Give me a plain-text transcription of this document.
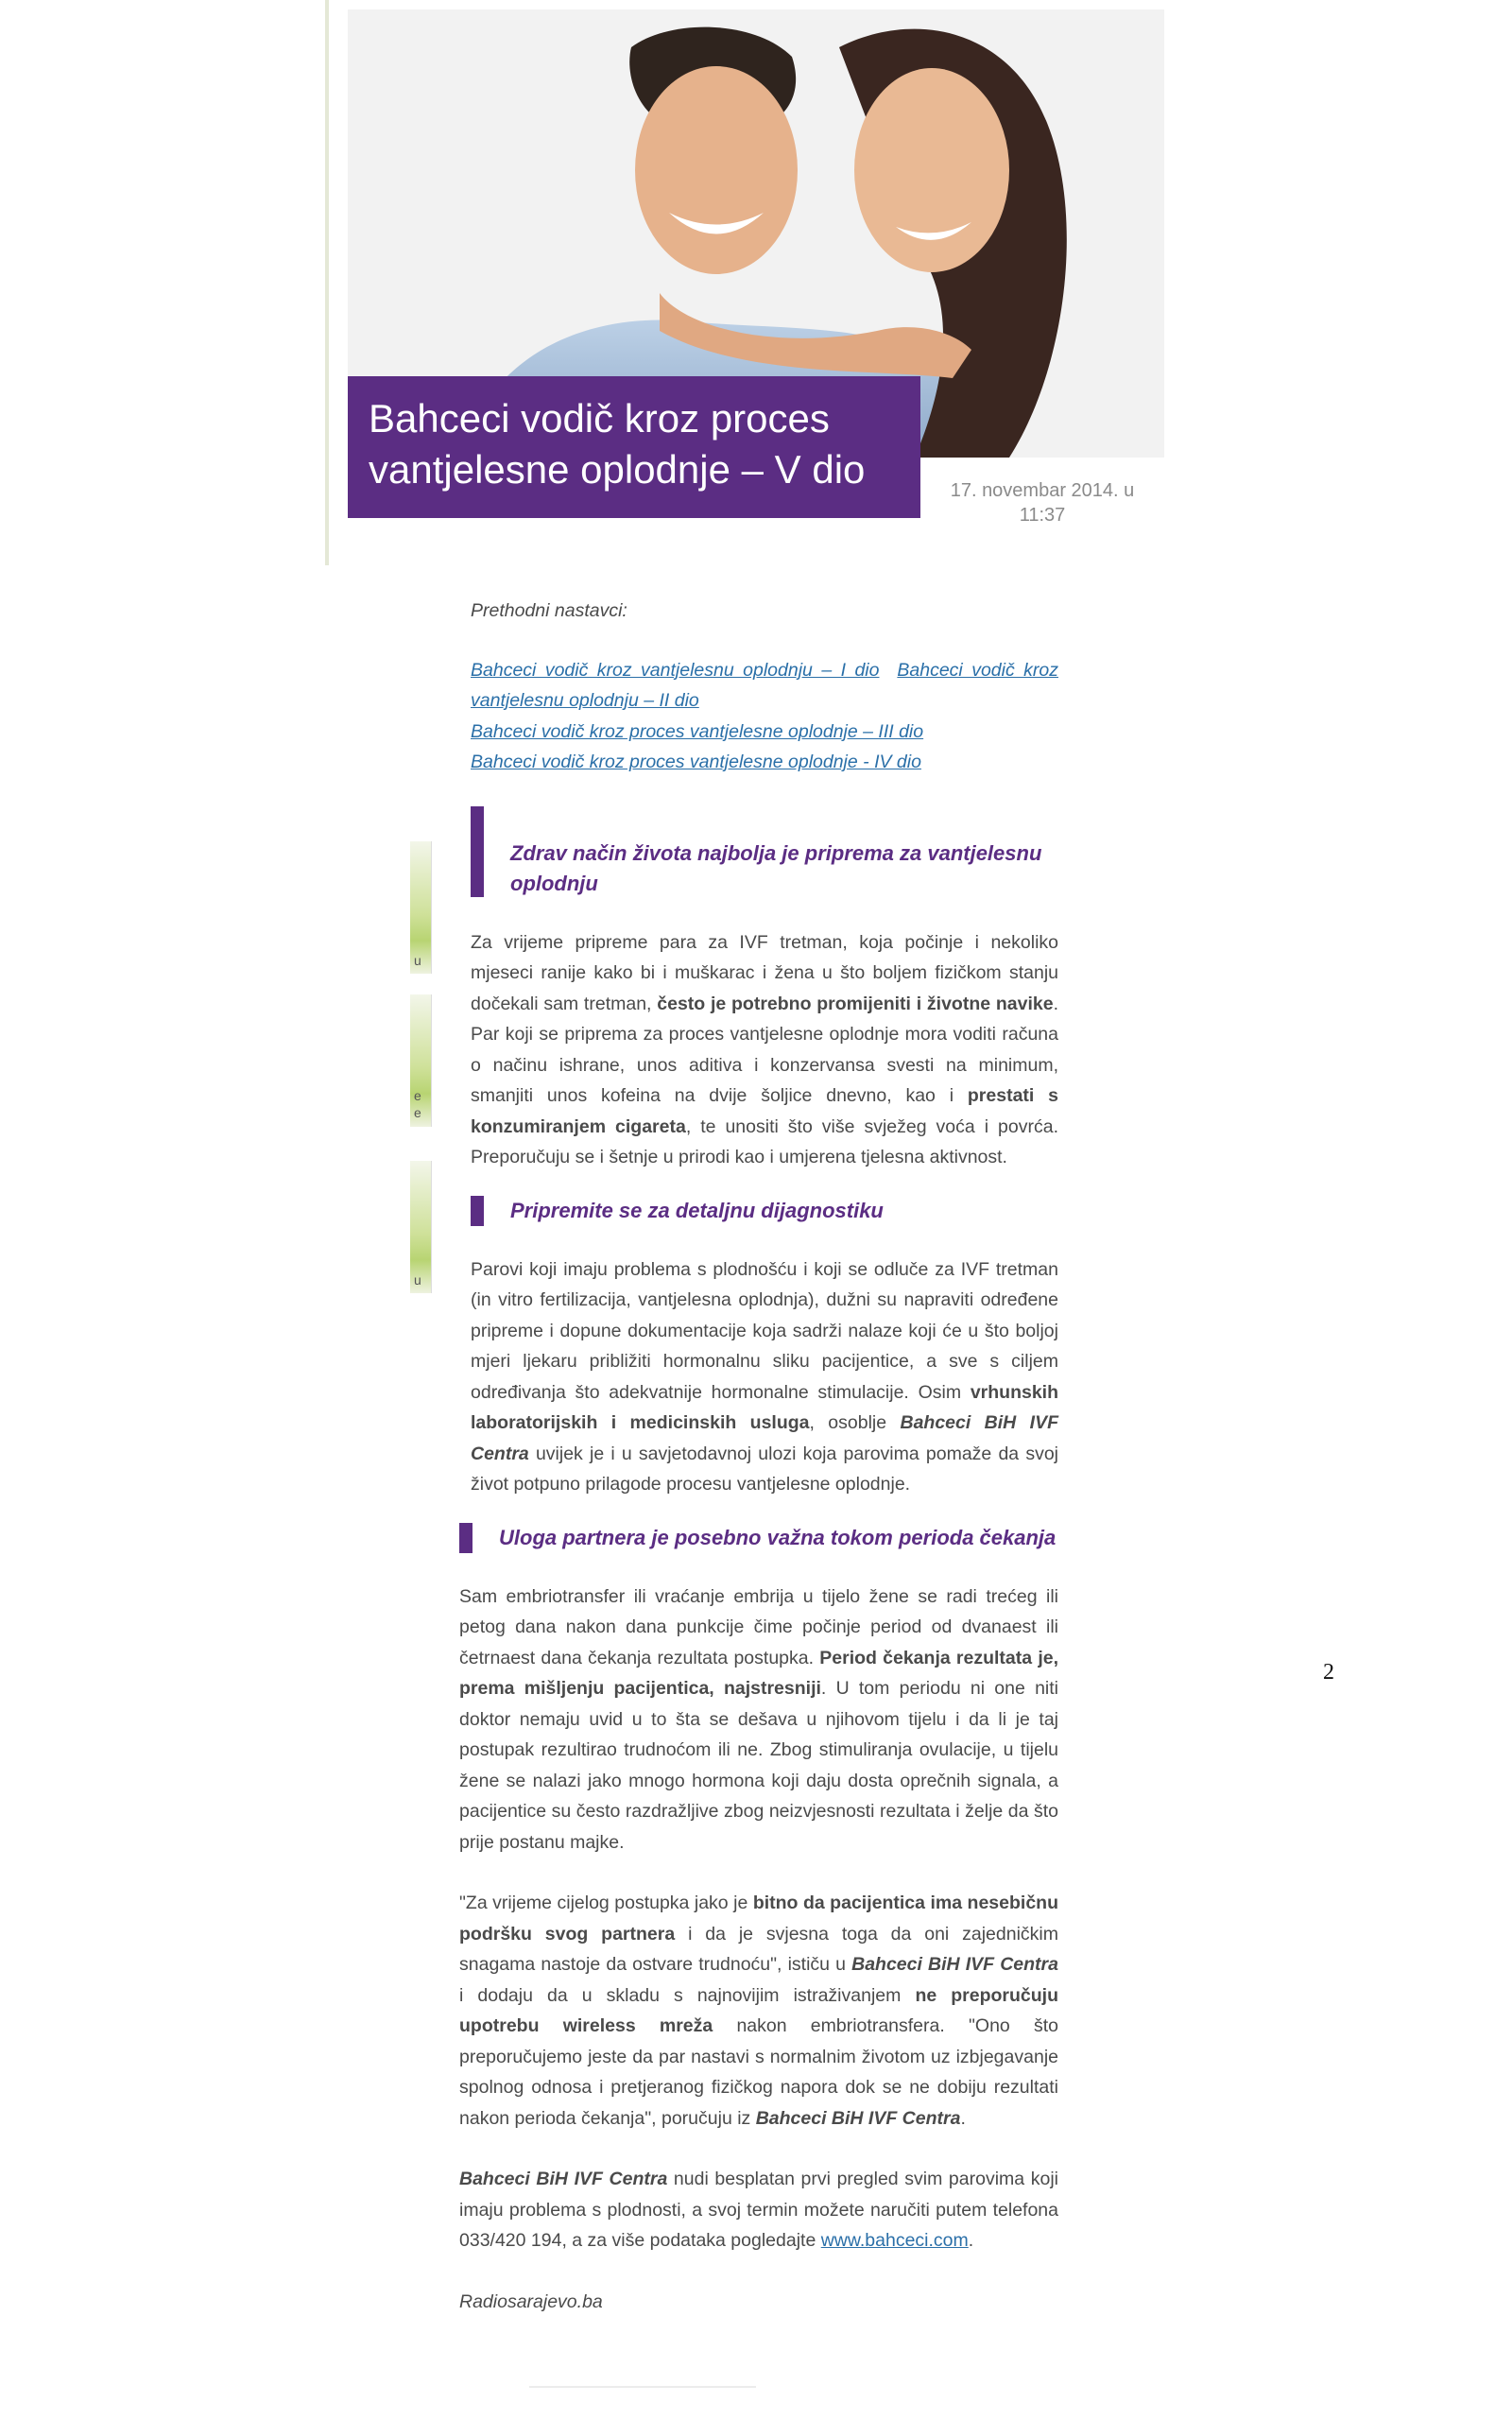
Bahceci vodič kroz proces vantjelesne oplodnje – V dio	17. novembar 2014. u 11:37
u
e
e
u

Prethodni nastavci:

Bahceci vodič kroz vantjelesnu oplodnju – I dio Bahceci vodič kroz vantjelesnu oplodnju – II dio
Bahceci vodič kroz proces vantjelesne oplodnje – III dio
Bahceci vodič kroz proces vantjelesne oplodnje - IV dio

Zdrav način života najbolja je priprema za vantjelesnu oplodnju

Za vrijeme pripreme para za IVF tretman, koja počinje i nekoliko mjeseci ranije kako bi i muškarac i žena u što boljem fizičkom stanju dočekali sam tretman, često je potrebno promijeniti i životne navike. Par koji se priprema za proces vantjelesne oplodnje mora voditi računa o načinu ishrane, unos aditiva i konzervansa svesti na minimum, smanjiti unos kofeina na dvije šoljice dnevno, kao i prestati s konzumiranjem cigareta, te unositi što više svježeg voća i povrća. Preporučuju se i šetnje u prirodi kao i umjerena tjelesna aktivnost.

Pripremite se za detaljnu dijagnostiku

Parovi koji imaju problema s plodnošću i koji se odluče za IVF tretman (in vitro fertilizacija, vantjelesna oplodnja), dužni su napraviti određene pripreme i dopune dokumentacije koja sadrži nalaze koji će u što boljoj mjeri ljekaru približiti hormonalnu sliku pacijentice, a sve s ciljem određivanja što adekvatnije hormonalne stimulacije. Osim vrhunskih laboratorijskih i medicinskih usluga, osoblje Bahceci BiH IVF Centra uvijek je i u savjetodavnoj ulozi koja parovima pomaže da svoj život potpuno prilagode procesu vantjelesne oplodnje.

Uloga partnera je posebno važna tokom perioda čekanja

Sam embriotransfer ili vraćanje embrija u tijelo žene se radi trećeg ili petog dana nakon dana punkcije čime počinje period od dvanaest ili četrnaest dana čekanja rezultata postupka. Period čekanja rezultata je, prema mišljenju pacijentica, najstresniji. U tom periodu ni one niti doktor nemaju uvid u to šta se dešava u njihovom tijelu i da li je taj postupak rezultirao trudnoćom ili ne. Zbog stimuliranja ovulacije, u tijelu žene se nalazi jako mnogo hormona koji daju dosta oprečnih signala, a pacijentice su često razdražljive zbog neizvjesnosti rezultata i želje da što prije postanu majke.

"Za vrijeme cijelog postupka jako je bitno da pacijentica ima nesebičnu podršku svog partnera i da je svjesna toga da oni zajedničkim snagama nastoje da ostvare trudnoću", ističu u Bahceci BiH IVF Centra i dodaju da u skladu s najnovijim istraživanjem ne preporučuju upotrebu wireless mreža nakon embriotransfera. "Ono što preporučujemo jeste da par nastavi s normalnim životom uz izbjegavanje spolnog odnosa i pretjeranog fizičkog napora dok se ne dobiju rezultati nakon perioda čekanja", poručuju iz Bahceci BiH IVF Centra.

Bahceci BiH IVF Centra nudi besplatan prvi pregled svim parovima koji imaju problema s plodnosti, a svoj termin možete naručiti putem telefona 033/420 194, a za više podataka pogledajte www.bahceci.com.

Radiosarajevo.ba

2
